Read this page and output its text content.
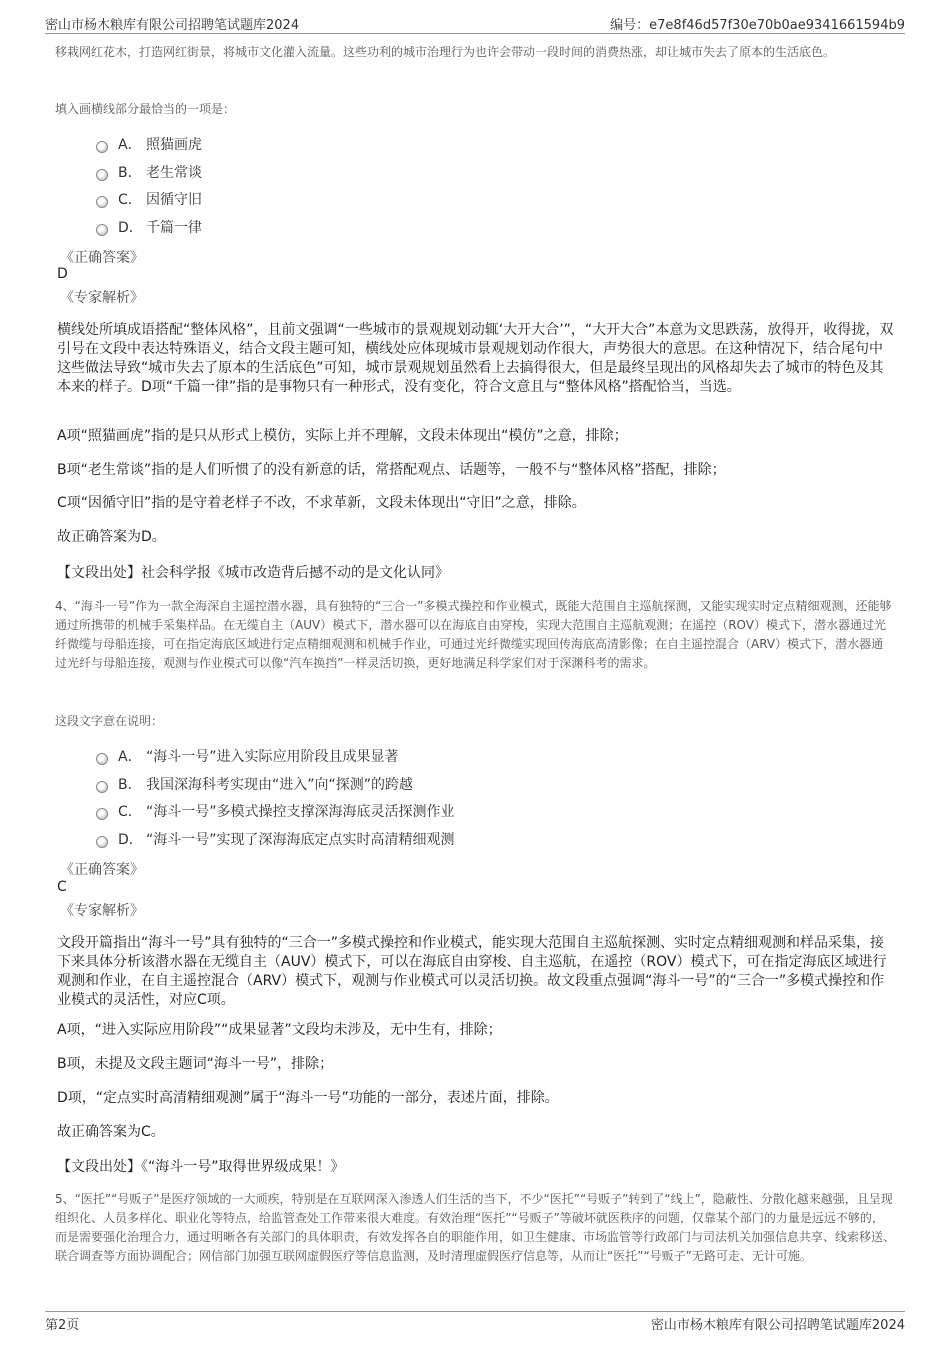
密山市杨木粮库有限公司招聘笔试题库2024	编号：e7e8f46d57f30e70b0ae9341661594b9

移栽网红花木，打造网红街景，将城市文化灌入流量。这些功利的城市治理行为也许会带动一段时间的消费热涨，却让城市失去了原本的生活底色。

填入画横线部分最恰当的一项是：

A． 照猫画虎
B． 老生常谈
C． 因循守旧
D． 千篇一律

《正确答案》

D

《专家解析》

横线处所填成语搭配“整体风格”，且前文强调“一些城市的景观规划动辄‘大开大合’”，“大开大合”本意为文思跌荡，放得开，收得拢，双引号在文段中表达特殊语义，结合文段主题可知，横线处应体现城市景观规划动作很大，声势很大的意思。在这种情况下，结合尾句中这些做法导致“城市失去了原本的生活底色”可知，城市景观规划虽然看上去搞得很大，但是最终呈现出的风格却失去了城市的特色及其本来的样子。D项“千篇一律”指的是事物只有一种形式，没有变化，符合文意且与“整体风格”搭配恰当，当选。

A项“照猫画虎”指的是只从形式上模仿，实际上并不理解，文段未体现出“模仿”之意，排除；

B项“老生常谈”指的是人们听惯了的没有新意的话，常搭配观点、话题等，一般不与“整体风格”搭配，排除；

C项“因循守旧”指的是守着老样子不改，不求革新，文段未体现出“守旧”之意，排除。

故正确答案为D。

【文段出处】社会科学报《城市改造背后撼不动的是文化认同》

4、“海斗一号”作为一款全海深自主遥控潜水器，具有独特的“三合一”多模式操控和作业模式，既能大范围自主巡航探测，又能实现实时定点精细观测，还能够通过所携带的机械手采集样品。在无缆自主（AUV）模式下，潜水器可以在海底自由穿梭，实现大范围自主巡航观测；在遥控（ROV）模式下，潜水器通过光纤微缆与母船连接，可在指定海底区域进行定点精细观测和机械手作业，可通过光纤微缆实现回传海底高清影像；在自主遥控混合（ARV）模式下，潜水器通过光纤与母船连接，观测与作业模式可以像“汽车换挡”一样灵活切换，更好地满足科学家们对于深渊科考的需求。

这段文字意在说明：

A． “海斗一号”进入实际应用阶段且成果显著
B． 我国深海科考实现由“进入”向“探测”的跨越
C． “海斗一号”多模式操控支撑深海海底灵活探测作业
D． “海斗一号”实现了深海海底定点实时高清精细观测

《正确答案》

C

《专家解析》

文段开篇指出“海斗一号”具有独特的“三合一”多模式操控和作业模式，能实现大范围自主巡航探测、实时定点精细观测和样品采集，接下来具体分析该潜水器在无缆自主（AUV）模式下，可以在海底自由穿梭、自主巡航，在遥控（ROV）模式下，可在指定海底区域进行观测和作业，在自主遥控混合（ARV）模式下，观测与作业模式可以灵活切换。故文段重点强调“海斗一号”的“三合一”多模式操控和作业模式的灵活性，对应C项。

A项，“进入实际应用阶段”“成果显著”文段均未涉及，无中生有，排除；

B项，未提及文段主题词“海斗一号”，排除；

D项，“定点实时高清精细观测”属于“海斗一号”功能的一部分，表述片面，排除。

故正确答案为C。

【文段出处】《“海斗一号”取得世界级成果！》

5、“医托”“号贩子”是医疗领域的一大顽疾，特别是在互联网深入渗透人们生活的当下，不少“医托”“号贩子”转到了“线上”，隐蔽性、分散化越来越强，且呈现组织化、人员多样化、职业化等特点，给监管查处工作带来很大难度。有效治理“医托”“号贩子”等破坏就医秩序的问题，仅靠某个部门的力量是远远不够的，而是需要强化治理合力，通过明晰各有关部门的具体职责，有效发挥各自的职能作用，如卫生健康、市场监管等行政部门与司法机关加强信息共享、线索移送、联合调查等方面协调配合；网信部门加强互联网虚假医疗等信息监测，及时清理虚假医疗信息等，从而让“医托”“号贩子”无路可走、无计可施。

第2页	密山市杨木粮库有限公司招聘笔试题库2024
